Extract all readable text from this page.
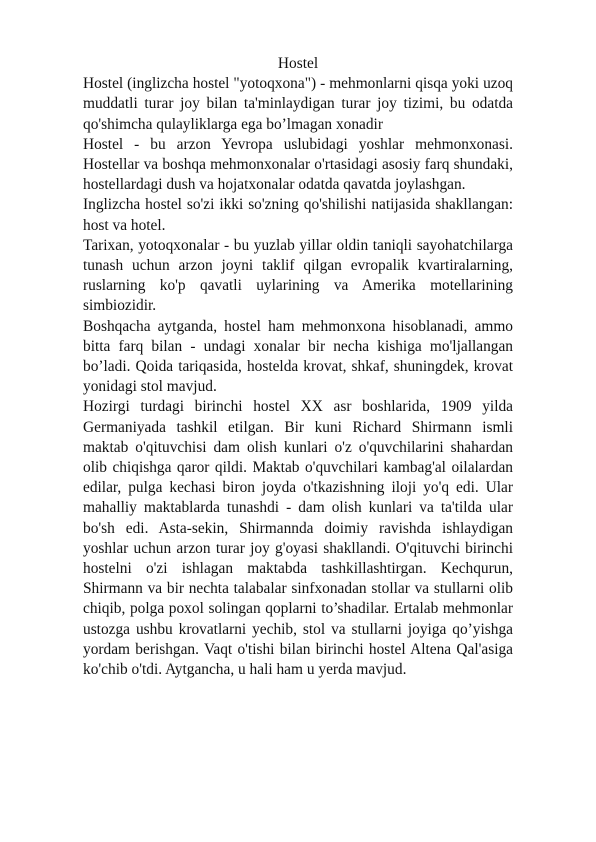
Hostel

Hostel (inglizcha hostel "yotoqxona") - mehmonlarni qisqa yoki uzoq muddatli turar joy bilan ta'minlaydigan turar joy tizimi, bu odatda qo'shimcha qulayliklarga ega bo’lmagan xonadir

Hostel - bu arzon Yevropa uslubidagi yoshlar mehmonxonasi. Hostellar va boshqa mehmonxonalar o'rtasidagi asosiy farq shundaki, hostellardagi dush va hojatxonalar odatda qavatda joylashgan.

Inglizcha hostel so'zi ikki so'zning qo'shilishi natijasida shakllangan: host va hotel.

Tarixan, yotoqxonalar - bu yuzlab yillar oldin taniqli sayohatchilarga tunash uchun arzon joyni taklif qilgan evropalik kvartiralarning, ruslarning ko'p qavatli uylarining va Amerika motellarining simbiozidir.

Boshqacha aytganda, hostel ham mehmonxona hisoblanadi, ammo bitta farq bilan - undagi xonalar bir necha kishiga mo'ljallangan bo’ladi. Qoida tariqasida, hostelda krovat, shkaf, shuningdek, krovat yonidagi stol mavjud.

Hozirgi turdagi birinchi hostel XX asr boshlarida, 1909 yilda Germaniyada tashkil etilgan. Bir kuni Richard Shirmann ismli maktab o'qituvchisi dam olish kunlari o'z o'quvchilarini shahardan olib chiqishga qaror qildi. Maktab o'quvchilari kambag'al oilalardan edilar, pulga kechasi biron joyda o'tkazishning iloji yo'q edi. Ular mahalliy maktablarda tunashdi - dam olish kunlari va ta'tilda ular bo'sh edi. Asta-sekin, Shirmannda doimiy ravishda ishlaydigan yoshlar uchun arzon turar joy g'oyasi shakllandi. O'qituvchi birinchi hostelni o'zi ishlagan maktabda tashkillashtirgan. Kechqurun, Shirmann va bir nechta talabalar sinfxonadan stollar va stullarni olib chiqib, polga poxol solingan qoplarni to’shadilar. Ertalab mehmonlar ustozga ushbu krovatlarni yechib, stol va stullarni joyiga qo’yishga yordam berishgan. Vaqt o'tishi bilan birinchi hostel Altena Qal'asiga ko'chib o'tdi. Aytgancha, u hali ham u yerda mavjud.
